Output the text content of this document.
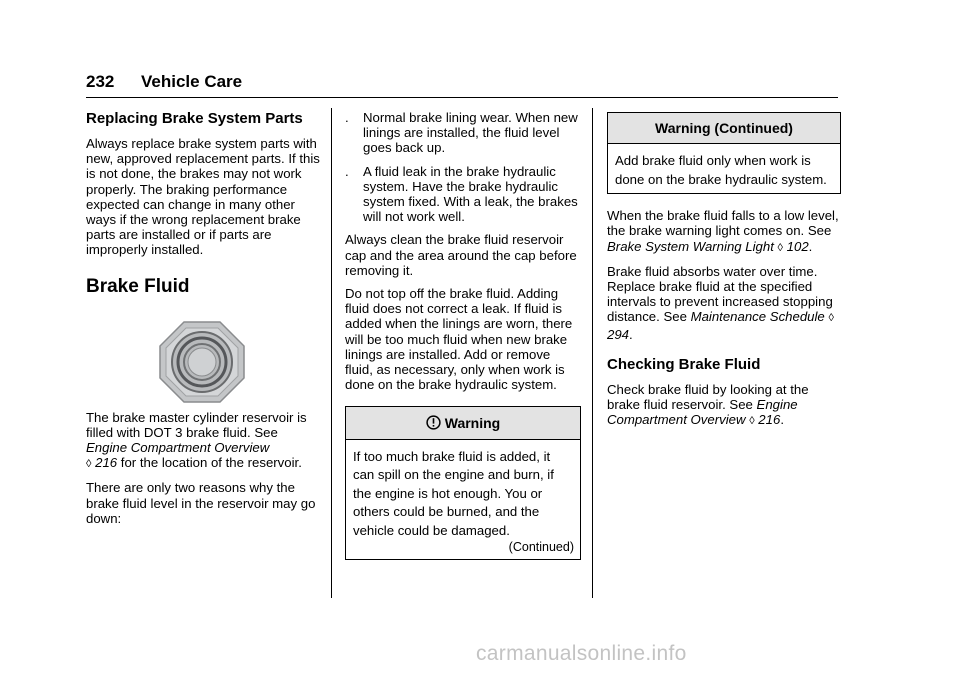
232 Vehicle Care
Replacing Brake System Parts

Always replace brake system parts with new, approved replacement parts. If this is not done, the brakes may not work properly. The braking performance expected can change in many other ways if the wrong replacement brake parts are installed or if parts are improperly installed.

Brake Fluid

The brake master cylinder reservoir is filled with DOT 3 brake fluid. See Engine Compartment Overview
◊ 216 for the location of the reservoir.

There are only two reasons why the brake fluid level in the reservoir may go down:

. Normal brake lining wear. When new linings are installed, the fluid level goes back up.
. A fluid leak in the brake hydraulic system. Have the brake hydraulic system fixed. With a leak, the brakes will not work well.

Always clean the brake fluid reservoir cap and the area around the cap before removing it.

Do not top off the brake fluid. Adding fluid does not correct a leak. If fluid is added when the linings are worn, there will be too much fluid when new brake linings are installed. Add or remove fluid, as necessary, only when work is done on the brake hydraulic system.

Warning
If too much brake fluid is added, it can spill on the engine and burn, if the engine is hot enough. You or others could be burned, and the vehicle could be damaged.
(Continued)
Warning (Continued)
Add brake fluid only when work is done on the brake hydraulic system.

When the brake fluid falls to a low level, the brake warning light comes on. See Brake System Warning Light ◊ 102.

Brake fluid absorbs water over time. Replace brake fluid at the specified intervals to prevent increased stopping distance. See Maintenance Schedule ◊ 294.

Checking Brake Fluid

Check brake fluid by looking at the brake fluid reservoir. See Engine Compartment Overview ◊ 216.

carmanualsonline.info
